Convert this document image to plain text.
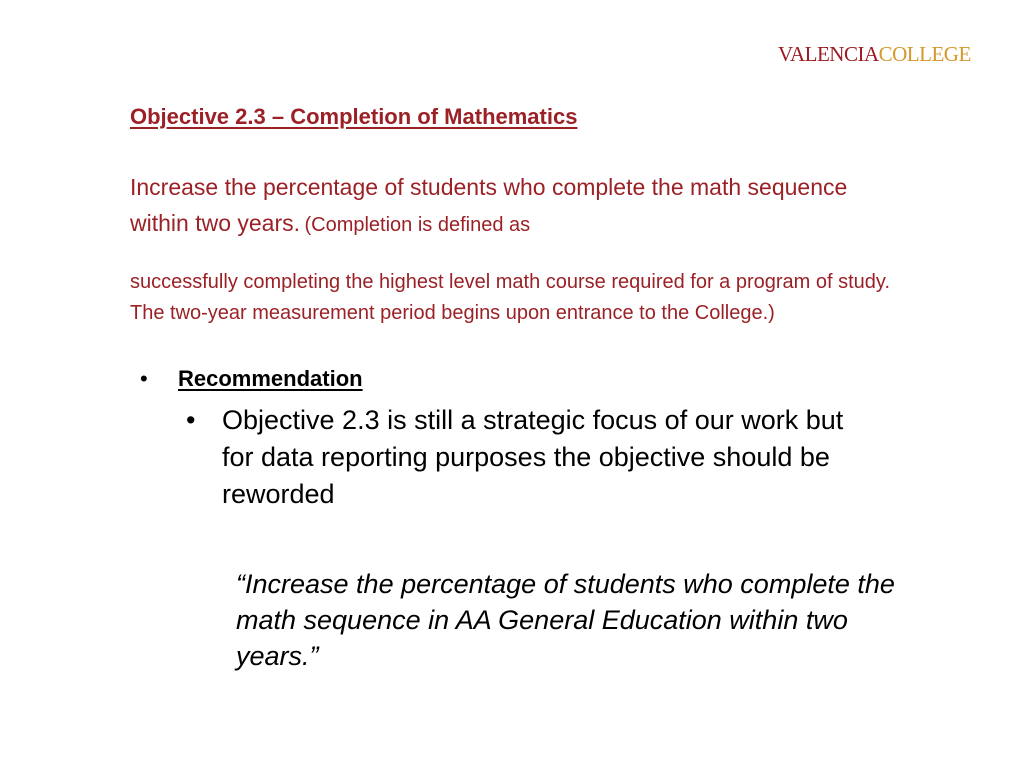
VALENCIACOLLEGE
Objective 2.3 – Completion of Mathematics

Increase the percentage of students who complete the math sequence within two years. (Completion is defined as

successfully completing the highest level math course required for a program of study. The two-year measurement period begins upon entrance to the College.)

• Recommendation
• Objective 2.3 is still a strategic focus of our work but for data reporting purposes the objective should be reworded

“Increase the percentage of students who complete the math sequence in AA General Education within two years.”
